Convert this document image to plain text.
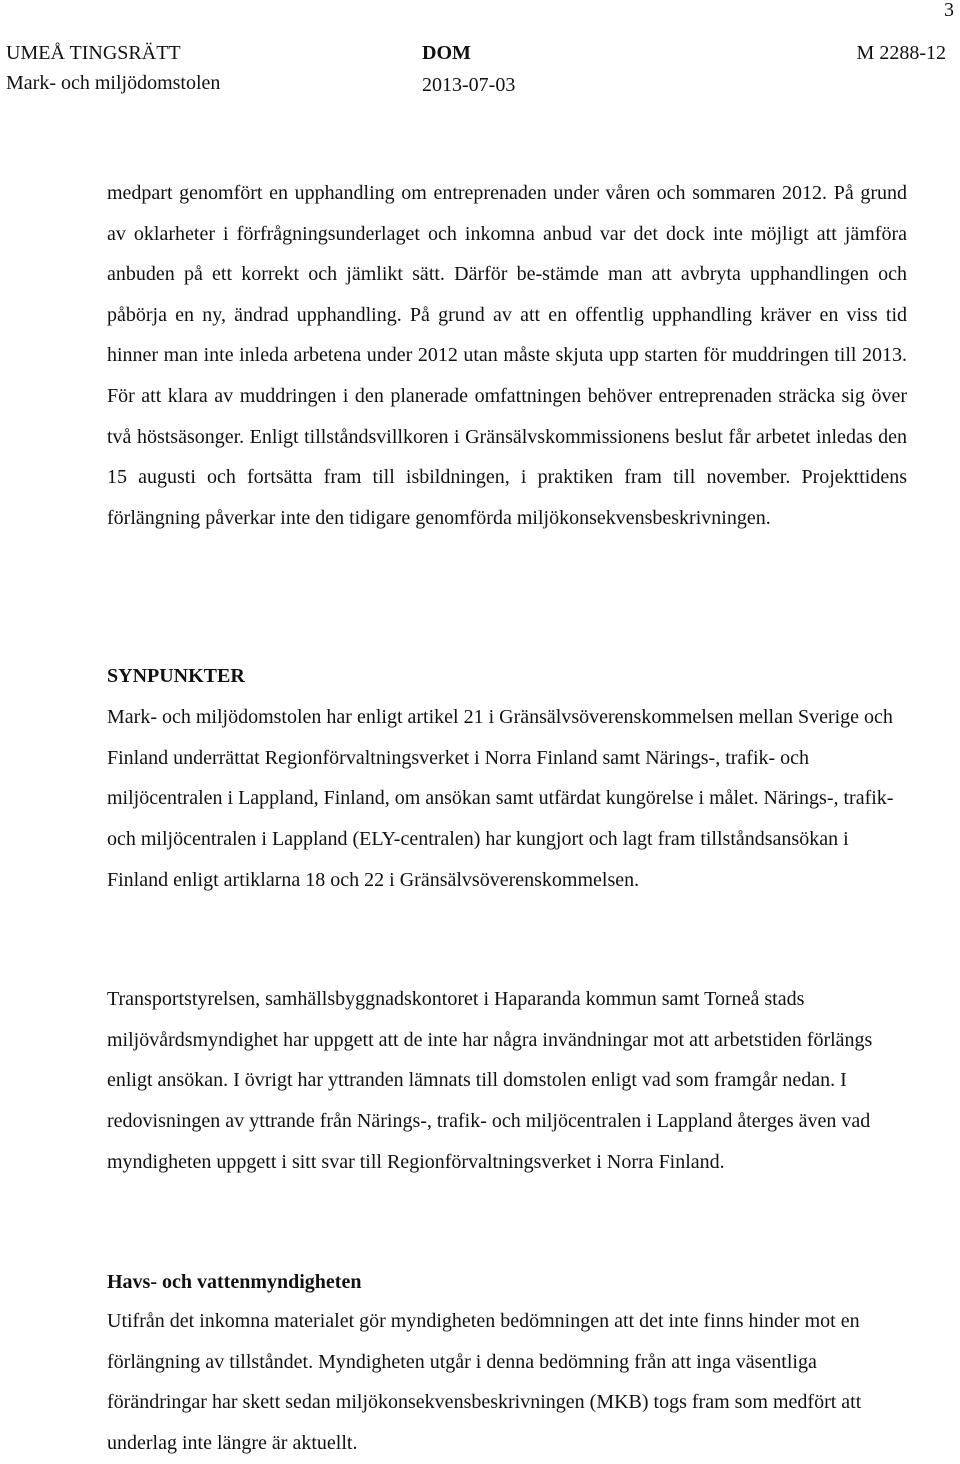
3
UMEÅ TINGSRÄTT
Mark- och miljödomstolen
DOM
2013-07-03
M 2288-12

medpart genomfört en upphandling om entreprenaden under våren och sommaren 2012. På grund av oklarheter i förfrågningsunderlaget och inkomna anbud var det dock inte möjligt att jämföra anbuden på ett korrekt och jämlikt sätt. Därför be-stämde man att avbryta upphandlingen och påbörja en ny, ändrad upphandling. På grund av att en offentlig upphandling kräver en viss tid hinner man inte inleda arbetena under 2012 utan måste skjuta upp starten för muddringen till 2013. För att klara av muddringen i den planerade omfattningen behöver entreprenaden sträcka sig över två höstsäsonger. Enligt tillståndsvillkoren i Gränsälvskommissionens beslut får arbetet inledas den 15 augusti och fortsätta fram till isbildningen, i praktiken fram till november. Projekttidens förlängning påverkar inte den tidigare genomförda miljökonsekvensbeskrivningen.

SYNPUNKTER

Mark- och miljödomstolen har enligt artikel 21 i Gränsälvsöverenskommelsen mellan Sverige och Finland underrättat Regionförvaltningsverket i Norra Finland samt Närings-, trafik- och miljöcentralen i Lappland, Finland, om ansökan samt utfärdat kungörelse i målet. Närings-, trafik- och miljöcentralen i Lappland (ELY-centralen) har kungjort och lagt fram tillståndsansökan i Finland enligt artiklarna 18 och 22 i Gränsälvsöverenskommelsen.

Transportstyrelsen, samhällsbyggnadskontoret i Haparanda kommun samt Torneå stads miljövårdsmyndighet har uppgett att de inte har några invändningar mot att arbetstiden förlängs enligt ansökan. I övrigt har yttranden lämnats till domstolen enligt vad som framgår nedan. I redovisningen av yttrande från Närings-, trafik- och miljöcentralen i Lappland återges även vad myndigheten uppgett i sitt svar till Regionförvaltningsverket i Norra Finland.

Havs- och vattenmyndigheten

Utifrån det inkomna materialet gör myndigheten bedömningen att det inte finns hinder mot en förlängning av tillståndet. Myndigheten utgår i denna bedömning från att inga väsentliga förändringar har skett sedan miljökonsekvensbeskrivningen (MKB) togs fram som medfört att underlag inte längre är aktuellt.
